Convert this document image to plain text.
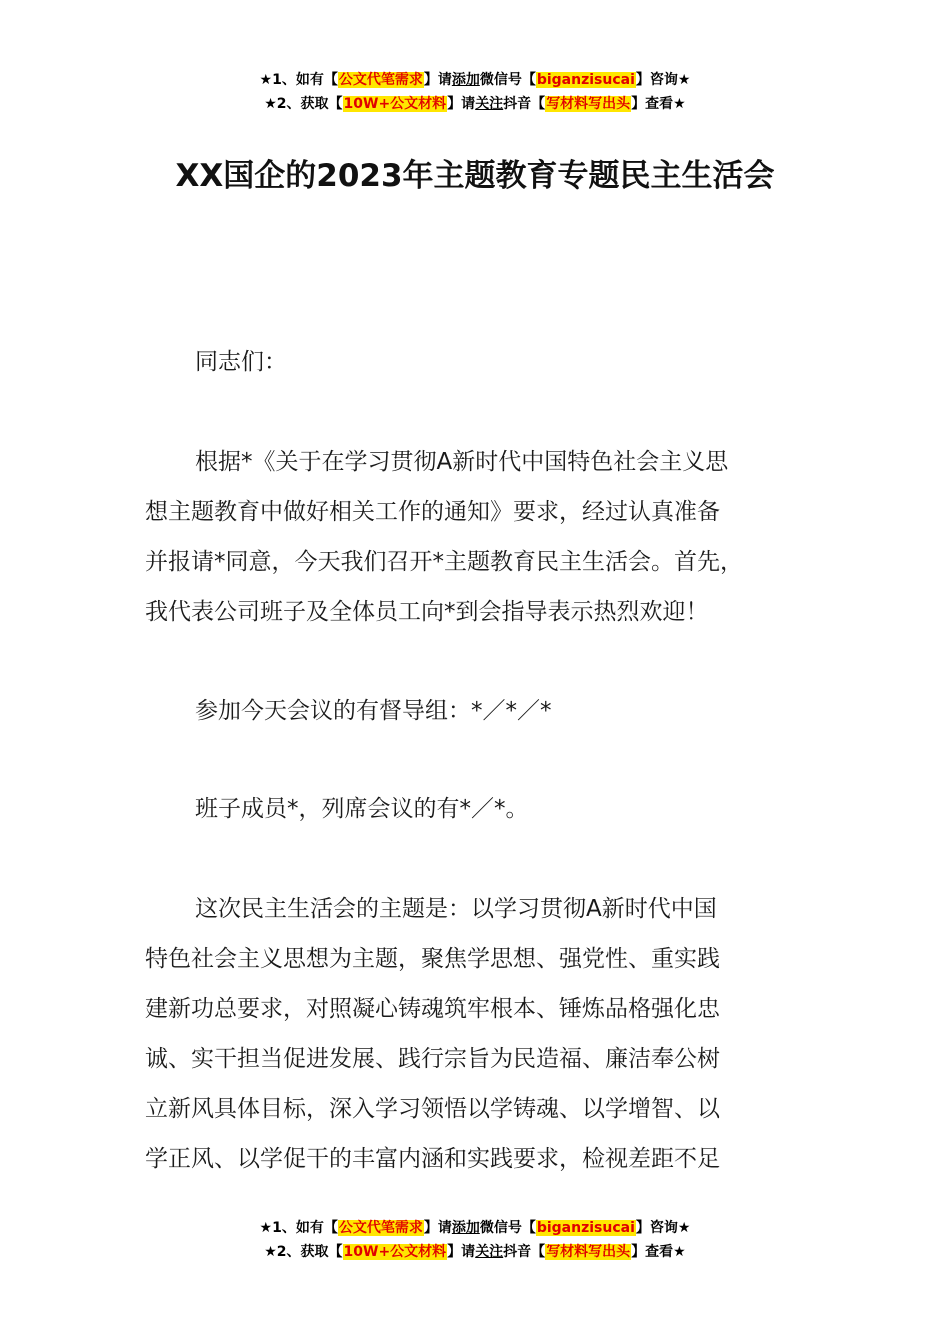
★1、如有【公文代笔需求】请添加微信号【biganzisucai】咨询★
★2、获取【10W+公文材料】请关注抖音【写材料写出头】查看★
XX国企的2023年主题教育专题民主生活会
同志们：
根据*《关于在学习贯彻A新时代中国特色社会主义思
想主题教育中做好相关工作的通知》要求，经过认真准备
并报请*同意，今天我们召开*主题教育民主生活会。首先，
我代表公司班子及全体员工向*到会指导表示热烈欢迎！
参加今天会议的有督导组：*／*／*
班子成员*，列席会议的有*／*。
这次民主生活会的主题是：以学习贯彻A新时代中国
特色社会主义思想为主题，聚焦学思想、强党性、重实践
建新功总要求，对照凝心铸魂筑牢根本、锤炼品格强化忠
诚、实干担当促进发展、践行宗旨为民造福、廉洁奉公树
立新风具体目标，深入学习领悟以学铸魂、以学增智、以
学正风、以学促干的丰富内涵和实践要求，检视差距不足
★1、如有【公文代笔需求】请添加微信号【biganzisucai】咨询★
★2、获取【10W+公文材料】请关注抖音【写材料写出头】查看★
